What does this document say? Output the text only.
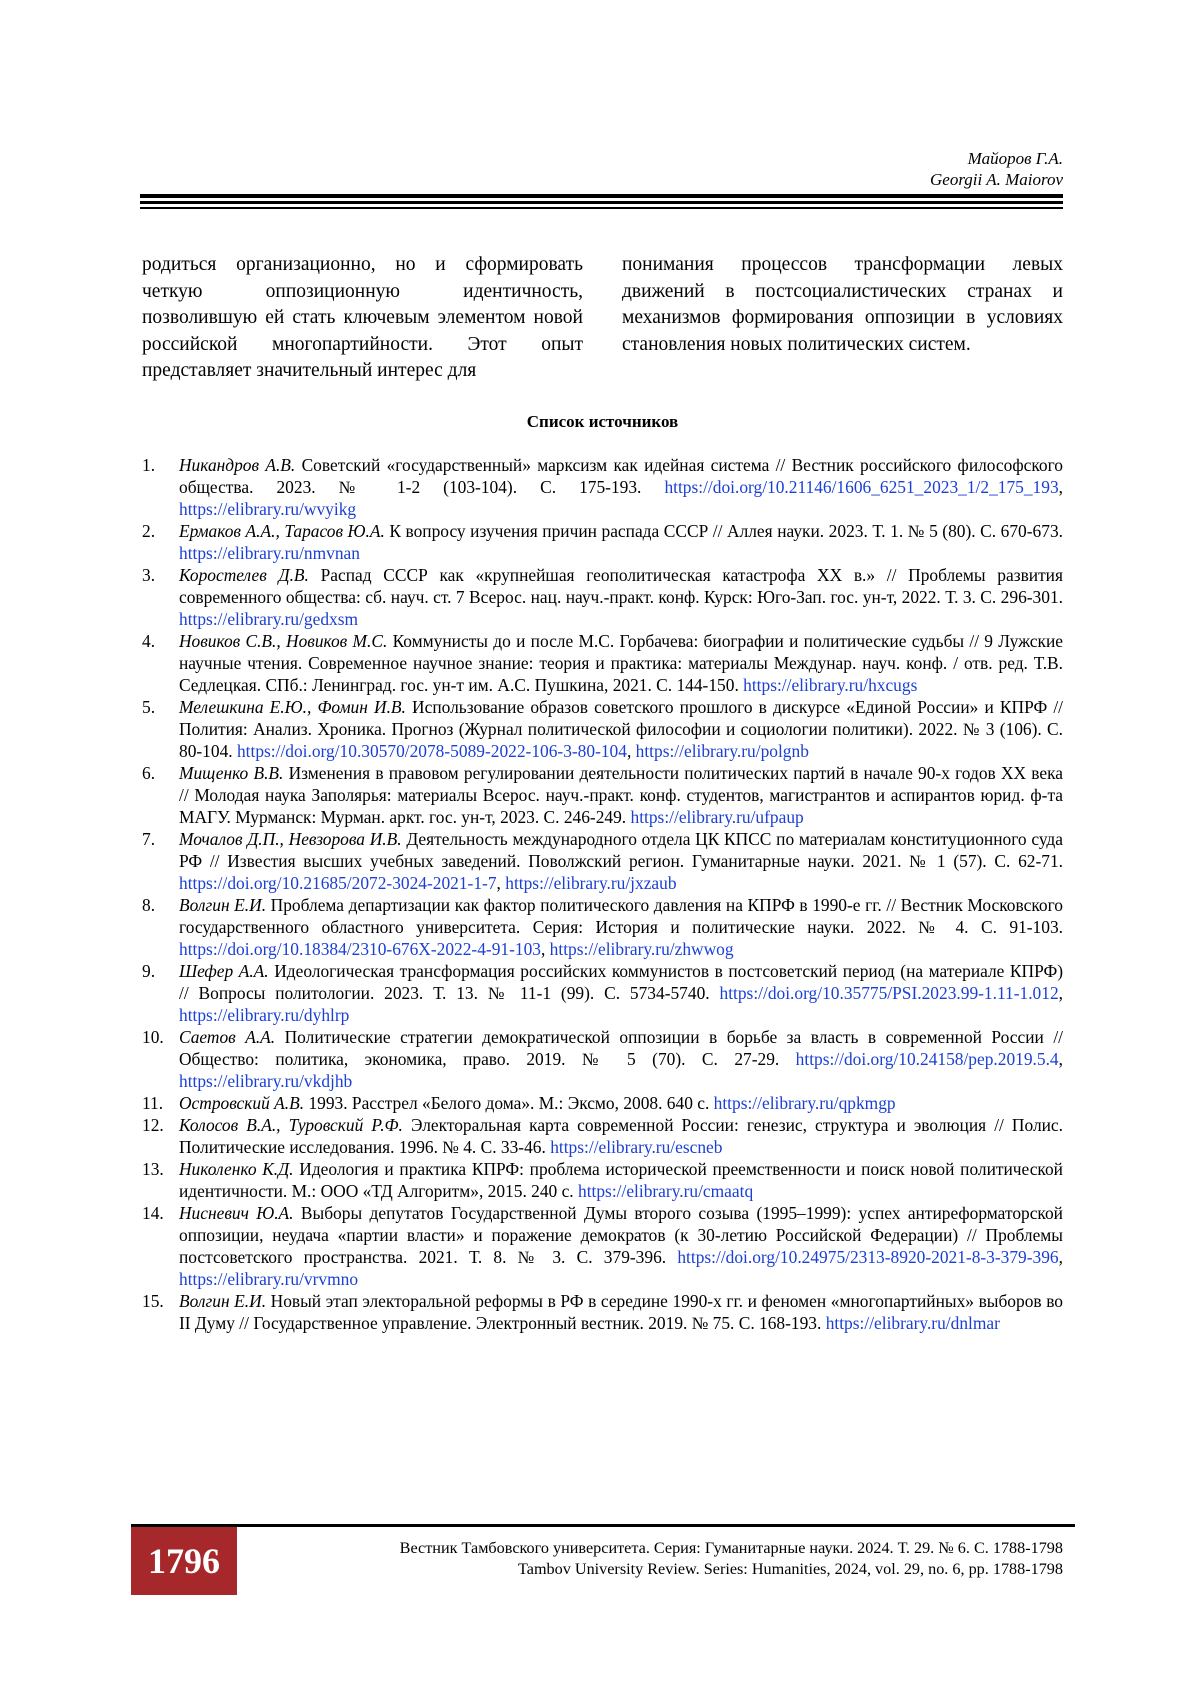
Майоров Г.А.
Georgii A. Maiorov
родиться организационно, но и сформировать четкую оппозиционную идентичность, позволившую ей стать ключевым элементом новой российской многопартийности. Этот опыт представляет значительный интерес для
понимания процессов трансформации левых движений в постсоциалистических странах и механизмов формирования оппозиции в условиях становления новых политических систем.
Список источников
1. Никандров А.В. Советский «государственный» марксизм как идейная система // Вестник российского философского общества. 2023. № 1-2 (103-104). С. 175-193. https://doi.org/10.21146/1606_6251_2023_1/2_175_193, https://elibrary.ru/wvyikg
2. Ермаков А.А., Тарасов Ю.А. К вопросу изучения причин распада СССР // Аллея науки. 2023. Т. 1. № 5 (80). С. 670-673. https://elibrary.ru/nmvnan
3. Коростелев Д.В. Распад СССР как «крупнейшая геополитическая катастрофа XX в.» // Проблемы развития современного общества: сб. науч. ст. 7 Всерос. нац. науч.-практ. конф. Курск: Юго-Зап. гос. ун-т, 2022. Т. 3. С. 296-301. https://elibrary.ru/gedxsm
4. Новиков С.В., Новиков М.С. Коммунисты до и после М.С. Горбачева: биографии и политические судьбы // 9 Лужские научные чтения. Современное научное знание: теория и практика: материалы Междунар. науч. конф. / отв. ред. Т.В. Седлецкая. СПб.: Ленинград. гос. ун-т им. А.С. Пушкина, 2021. С. 144-150. https://elibrary.ru/hxcugs
5. Мелешкина Е.Ю., Фомин И.В. Использование образов советского прошлого в дискурсе «Единой России» и КПРФ // Полития: Анализ. Хроника. Прогноз (Журнал политической философии и социологии политики). 2022. № 3 (106). С. 80-104. https://doi.org/10.30570/2078-5089-2022-106-3-80-104, https://elibrary.ru/polgnb
6. Мищенко В.В. Изменения в правовом регулировании деятельности политических партий в начале 90-х годов XX века // Молодая наука Заполярья: материалы Всерос. науч.-практ. конф. студентов, магистрантов и аспирантов юрид. ф-та МАГУ. Мурманск: Мурман. аркт. гос. ун-т, 2023. С. 246-249. https://elibrary.ru/ufpaup
7. Мочалов Д.П., Невзорова И.В. Деятельность международного отдела ЦК КПСС по материалам конституционного суда РФ // Известия высших учебных заведений. Поволжский регион. Гуманитарные науки. 2021. № 1 (57). С. 62-71. https://doi.org/10.21685/2072-3024-2021-1-7, https://elibrary.ru/jxzaub
8. Волгин Е.И. Проблема департизации как фактор политического давления на КПРФ в 1990-е гг. // Вестник Московского государственного областного университета. Серия: История и политические науки. 2022. № 4. С. 91-103. https://doi.org/10.18384/2310-676X-2022-4-91-103, https://elibrary.ru/zhwwog
9. Шефер А.А. Идеологическая трансформация российских коммунистов в постсоветский период (на материале КПРФ) // Вопросы политологии. 2023. Т. 13. № 11-1 (99). С. 5734-5740. https://doi.org/10.35775/PSI.2023.99-1.11-1.012, https://elibrary.ru/dyhlrp
10. Саетов А.А. Политические стратегии демократической оппозиции в борьбе за власть в современной России // Общество: политика, экономика, право. 2019. № 5 (70). С. 27-29. https://doi.org/10.24158/pep.2019.5.4, https://elibrary.ru/vkdjhb
11. Островский А.В. 1993. Расстрел «Белого дома». М.: Эксмо, 2008. 640 с. https://elibrary.ru/qpkmgp
12. Колосов В.А., Туровский Р.Ф. Электоральная карта современной России: генезис, структура и эволюция // Полис. Политические исследования. 1996. № 4. С. 33-46. https://elibrary.ru/escneb
13. Николенко К.Д. Идеология и практика КПРФ: проблема исторической преемственности и поиск новой политической идентичности. М.: ООО «ТД Алгоритм», 2015. 240 с. https://elibrary.ru/cmaatq
14. Нисневич Ю.А. Выборы депутатов Государственной Думы второго созыва (1995–1999): успех антиреформаторской оппозиции, неудача «партии власти» и поражение демократов (к 30-летию Российской Федерации) // Проблемы постсоветского пространства. 2021. Т. 8. № 3. С. 379-396. https://doi.org/10.24975/2313-8920-2021-8-3-379-396, https://elibrary.ru/vrvmno
15. Волгин Е.И. Новый этап электоральной реформы в РФ в середине 1990-х гг. и феномен «многопартийных» выборов во II Думу // Государственное управление. Электронный вестник. 2019. № 75. С. 168-193. https://elibrary.ru/dnlmar
1796	Вестник Тамбовского университета. Серия: Гуманитарные науки. 2024. Т. 29. № 6. С. 1788-1798
Tambov University Review. Series: Humanities, 2024, vol. 29, no. 6, pp. 1788-1798
